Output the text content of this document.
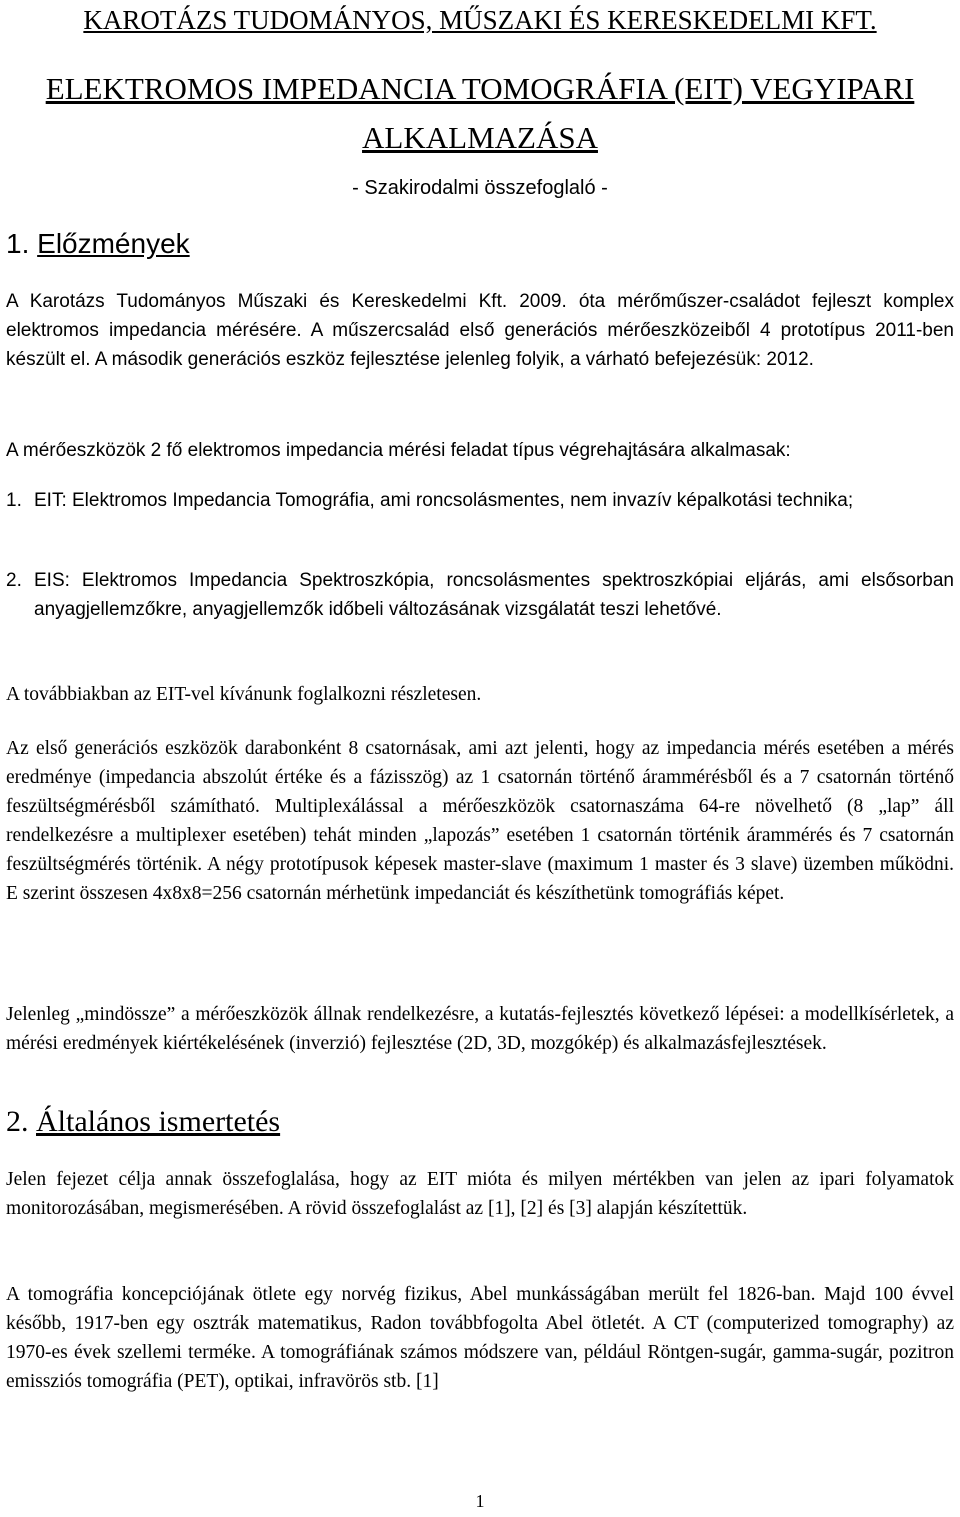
KAROTÁZS TUDOMÁNYOS, MŰSZAKI ÉS KERESKEDELMI KFT.
ELEKTROMOS IMPEDANCIA TOMOGRÁFIA (EIT) VEGYIPARI
ALKALMAZÁSA
- Szakirodalmi összefoglaló -
1. Előzmények
A Karotázs Tudományos Műszaki és Kereskedelmi Kft. 2009. óta mérőműszer-családot fejleszt komplex elektromos impedancia mérésére. A műszercsalád első generációs mérőeszközeiből 4 prototípus 2011-ben készült el. A második generációs eszköz fejlesztése jelenleg folyik, a várható befejezésük: 2012.
A mérőeszközök 2 fő elektromos impedancia mérési feladat típus végrehajtására alkalmasak:
1. EIT: Elektromos Impedancia Tomográfia, ami roncsolásmentes, nem invazív képalkotási technika;
2. EIS: Elektromos Impedancia Spektroszkópia, roncsolásmentes spektroszkópiai eljárás, ami elsősorban anyagjellemzőkre, anyagjellemzők időbeli változásának vizsgálatát teszi lehetővé.
A továbbiakban az EIT-vel kívánunk foglalkozni részletesen.
Az első generációs eszközök darabonként 8 csatornásak, ami azt jelenti, hogy az impedancia mérés esetében a mérés eredménye (impedancia abszolút értéke és a fázisszög) az 1 csatornán történő árammérésből és a 7 csatornán történő feszültségmérésből számítható. Multiplexálással a mérőeszközök csatornaszáma 64-re növelhető (8 „lap” áll rendelkezésre a multiplexer esetében) tehát minden „lapozás” esetében 1 csatornán történik árammérés és 7 csatornán feszültségmérés történik. A négy prototípusok képesek master-slave (maximum 1 master és 3 slave) üzemben működni. E szerint összesen 4x8x8=256 csatornán mérhetünk impedanciát és készíthetünk tomográfiás képet.
Jelenleg „mindössze” a mérőeszközök állnak rendelkezésre, a kutatás-fejlesztés következő lépései: a modellkísérletek, a mérési eredmények kiértékelésének (inverzió) fejlesztése (2D, 3D, mozgókép) és alkalmazásfejlesztések.
2. Általános ismertetés
Jelen fejezet célja annak összefoglalása, hogy az EIT mióta és milyen mértékben van jelen az ipari folyamatok monitorozásában, megismerésében. A rövid összefoglalást az [1], [2] és [3] alapján készítettük.
A tomográfia koncepciójának ötlete egy norvég fizikus, Abel munkásságában merült fel 1826-ban. Majd 100 évvel később, 1917-ben egy osztrák matematikus, Radon továbbfogolta Abel ötletét. A CT (computerized tomography) az 1970-es évek szellemi terméke. A tomográfiának számos módszere van, például Röntgen-sugár, gamma-sugár, pozitron emissziós tomográfia (PET), optikai, infravörös stb. [1]
1
